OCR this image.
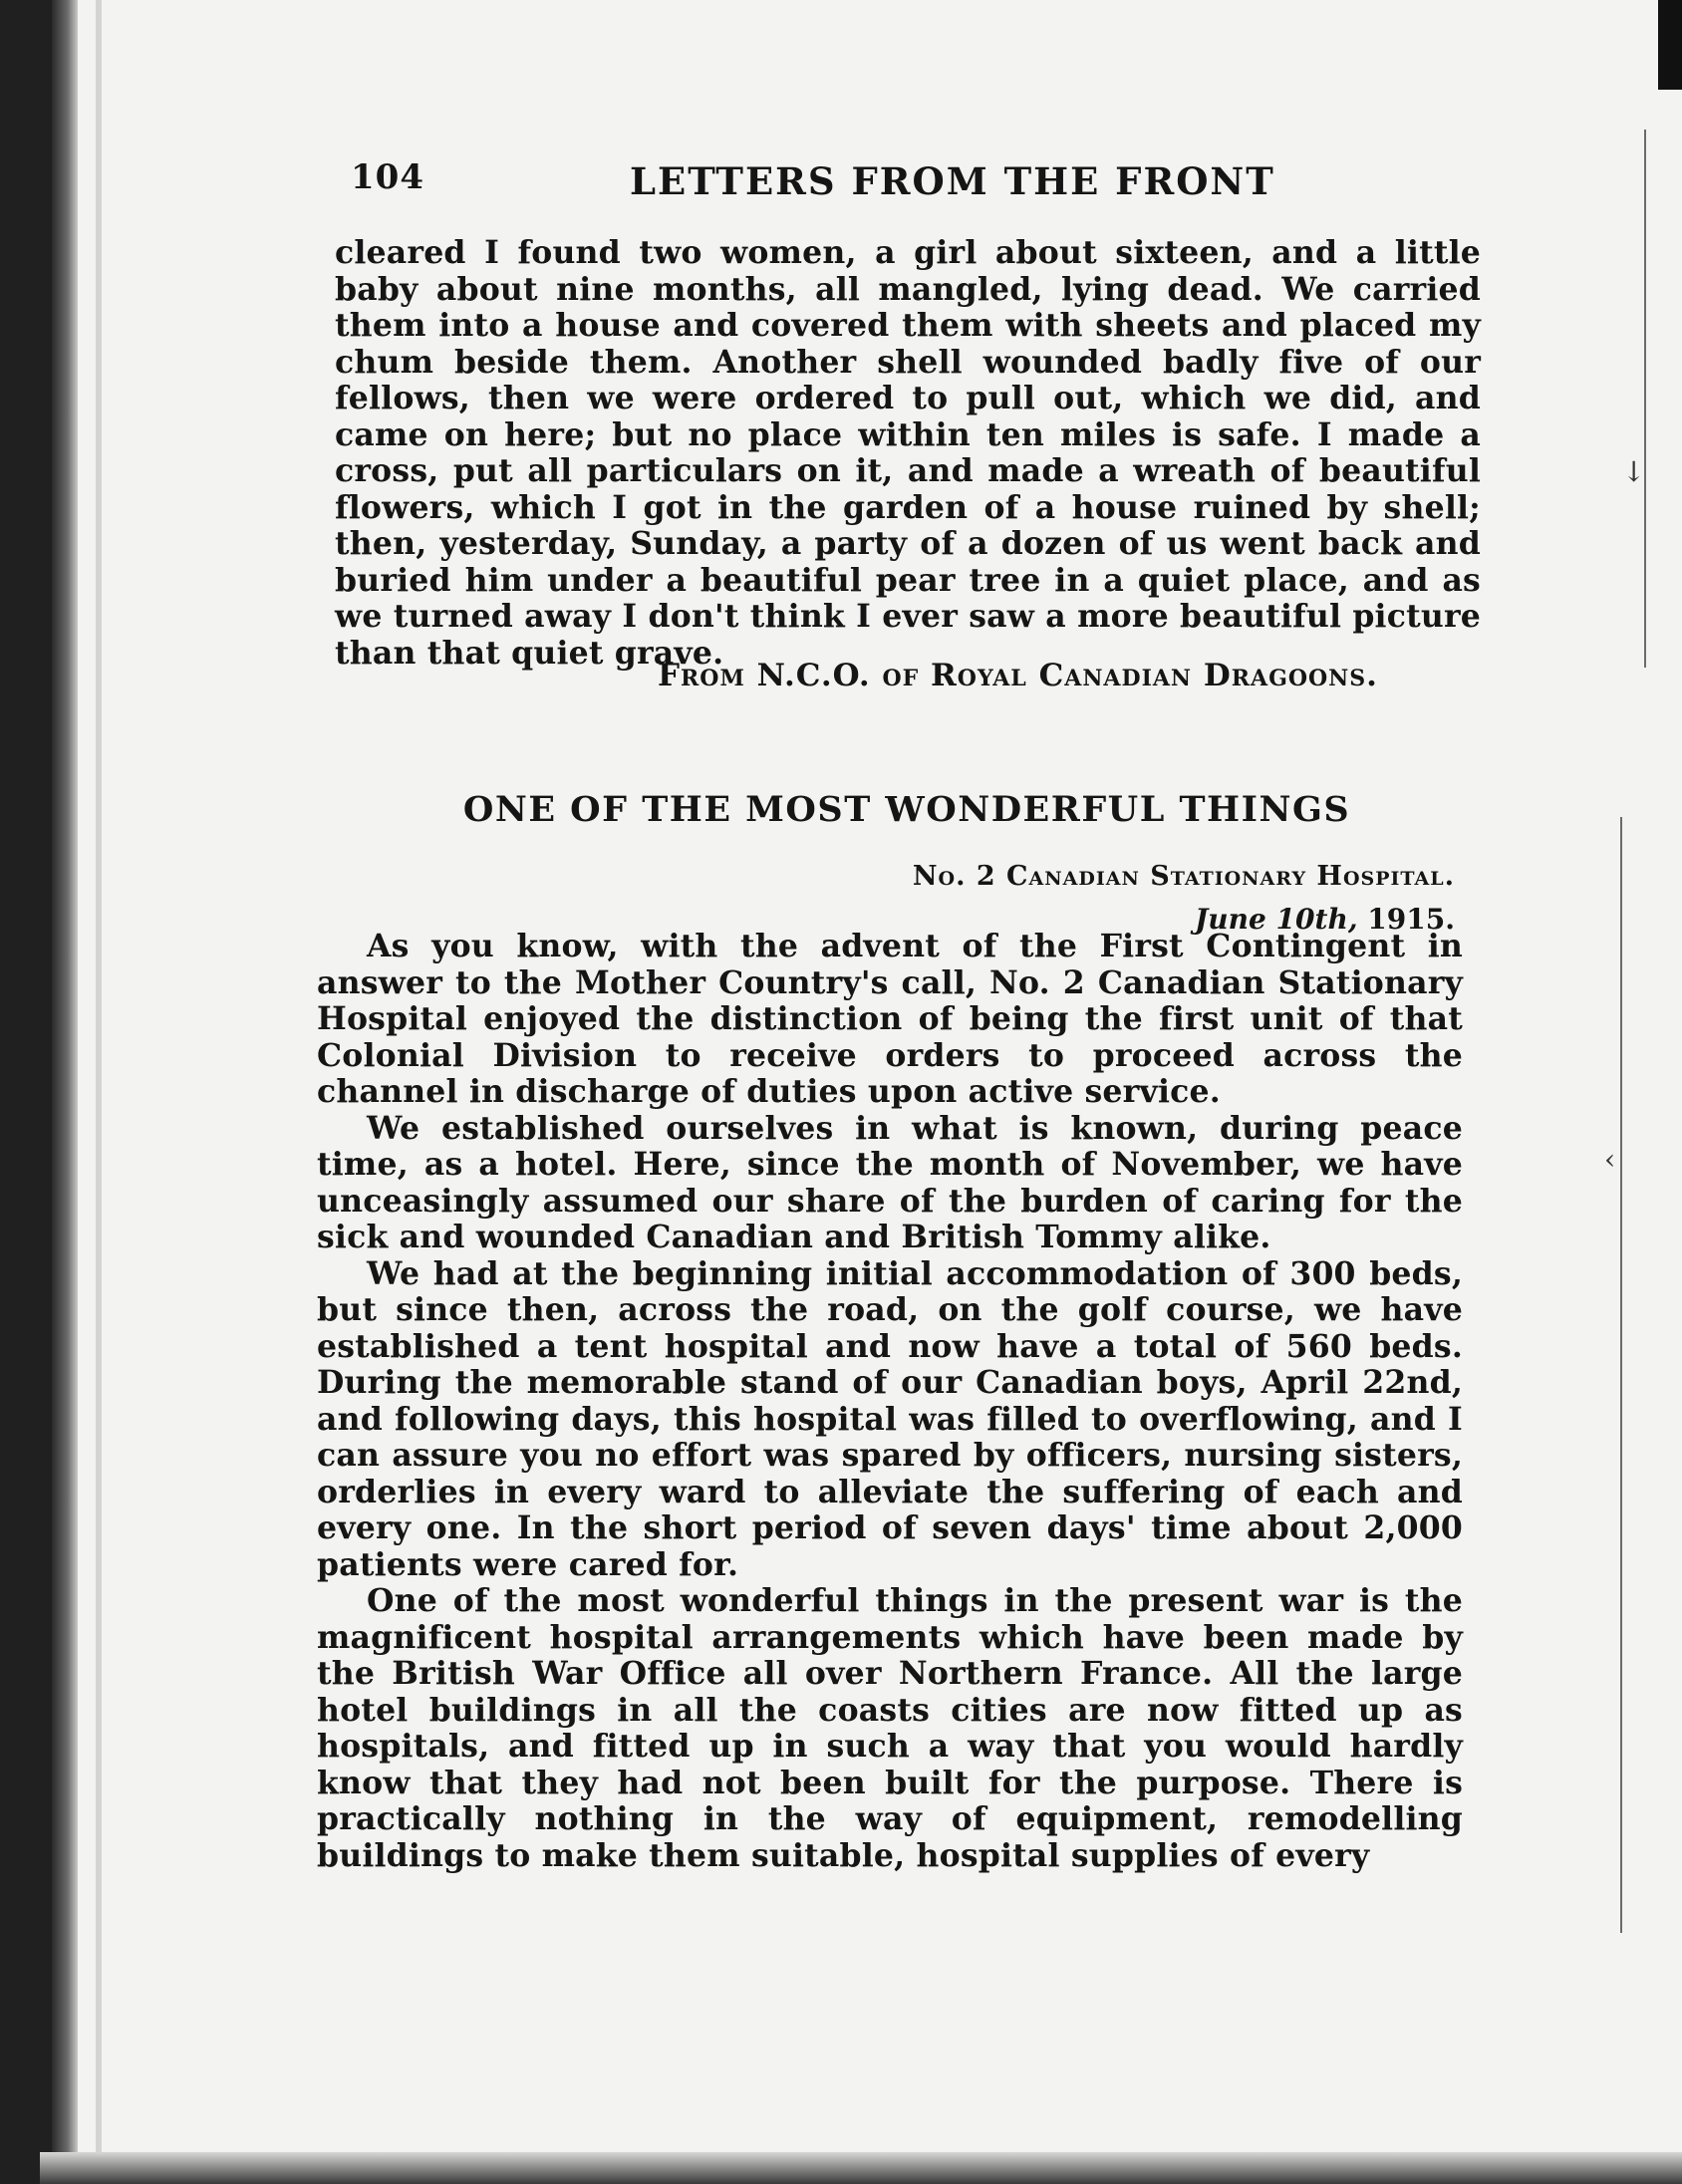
↓
‹
104	LETTERS FROM THE FRONT

cleared I found two women, a girl about sixteen, and a little baby about nine months, all mangled, lying dead. We carried them into a house and covered them with sheets and placed my chum beside them. Another shell wounded badly five of our fellows, then we were ordered to pull out, which we did, and came on here; but no place within ten miles is safe. I made a cross, put all particulars on it, and made a wreath of beautiful flowers, which I got in the garden of a house ruined by shell; then, yesterday, Sunday, a party of a dozen of us went back and buried him under a beautiful pear tree in a quiet place, and as we turned away I don't think I ever saw a more beautiful picture than that quiet grave.

From N.C.O. of Royal Canadian Dragoons.
ONE OF THE MOST WONDERFUL THINGS
No. 2 Canadian Stationary Hospital.
June 10th, 1915.

As you know, with the advent of the First Contingent in answer to the Mother Country's call, No. 2 Canadian Stationary Hospital enjoyed the distinction of being the first unit of that Colonial Division to receive orders to proceed across the channel in discharge of duties upon active service.

We established ourselves in what is known, during peace time, as a hotel. Here, since the month of November, we have unceasingly assumed our share of the burden of caring for the sick and wounded Canadian and British Tommy alike.

We had at the beginning initial accommodation of 300 beds, but since then, across the road, on the golf course, we have established a tent hospital and now have a total of 560 beds. During the memorable stand of our Canadian boys, April 22nd, and following days, this hospital was filled to overflowing, and I can assure you no effort was spared by officers, nursing sisters, orderlies in every ward to alleviate the suffering of each and every one. In the short period of seven days' time about 2,000 patients were cared for.

One of the most wonderful things in the present war is the magnificent hospital arrangements which have been made by the British War Office all over Northern France. All the large hotel buildings in all the coasts cities are now fitted up as hospitals, and fitted up in such a way that you would hardly know that they had not been built for the purpose. There is practically nothing in the way of equipment, remodelling buildings to make them suitable, hospital supplies of every
